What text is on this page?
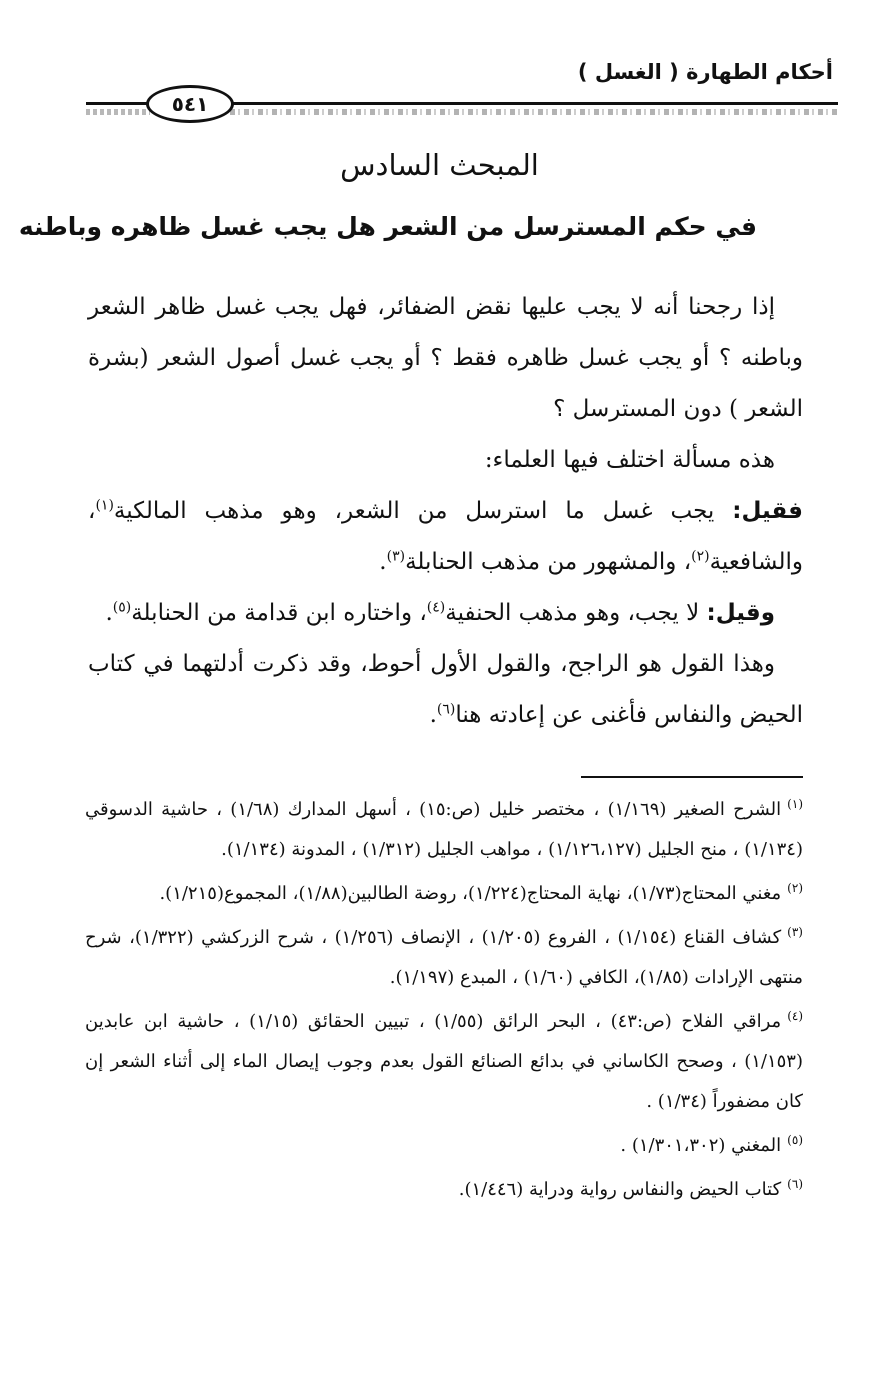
أحكام الطهارة ( الغسل )
٥٤١
المبحث السادس
في حكم المسترسل من الشعر هل يجب غسل ظاهره وباطنه

إذا رجحنا أنه لا يجب عليها نقض الضفائر، فهل يجب غسل ظاهر الشعر وباطنه ؟ أو يجب غسل ظاهره فقط ؟ أو يجب غسل أصول الشعر (بشرة الشعر ) دون المسترسل ؟

هذه مسألة اختلف فيها العلماء:

فقيل: يجب غسل ما استرسل من الشعر، وهو مذهب المالكية$^{(١)}$، والشافعية$^{(٢)}$، والمشهور من مذهب الحنابلة$^{(٣)}$.

وقيل: لا يجب، وهو مذهب الحنفية$^{(٤)}$، واختاره ابن قدامة من الحنابلة$^{(٥)}$.

وهذا القول هو الراجح، والقول الأول أحوط، وقد ذكرت أدلتهما في كتاب الحيض والنفاس فأغنى عن إعادته هنا$^{(٦)}$.

$^{(١)}$الشرح الصغير (١/١٦٩) ، مختصر خليل (ص:١٥) ، أسهل المدارك (١/٦٨) ، حاشية الدسوقي (١/١٣٤) ، منح الجليل (١/١٢٦،١٢٧) ، مواهب الجليل (١/٣١٢) ، المدونة (١/١٣٤).

$^{(٢)}$مغني المحتاج(١/٧٣)، نهاية المحتاج(١/٢٢٤)، روضة الطالبين(١/٨٨)، المجموع(١/٢١٥).

$^{(٣)}$كشاف القناع (١/١٥٤) ، الفروع (١/٢٠٥) ، الإنصاف (١/٢٥٦) ، شرح الزركشي (١/٣٢٢)، شرح منتهى الإرادات (١/٨٥)، الكافي (١/٦٠) ، المبدع (١/١٩٧).

$^{(٤)}$مراقي الفلاح (ص:٤٣) ، البحر الرائق (١/٥٥) ، تبيين الحقائق (١/١٥) ، حاشية ابن عابدين (١/١٥٣) ، وصحح الكاساني في بدائع الصنائع القول بعدم وجوب إيصال الماء إلى أثناء الشعر إن كان مضفوراً (١/٣٤) .

$^{(٥)}$المغني (١/٣٠١،٣٠٢) .

$^{(٦)}$كتاب الحيض والنفاس رواية ودراية (١/٤٤٦).
